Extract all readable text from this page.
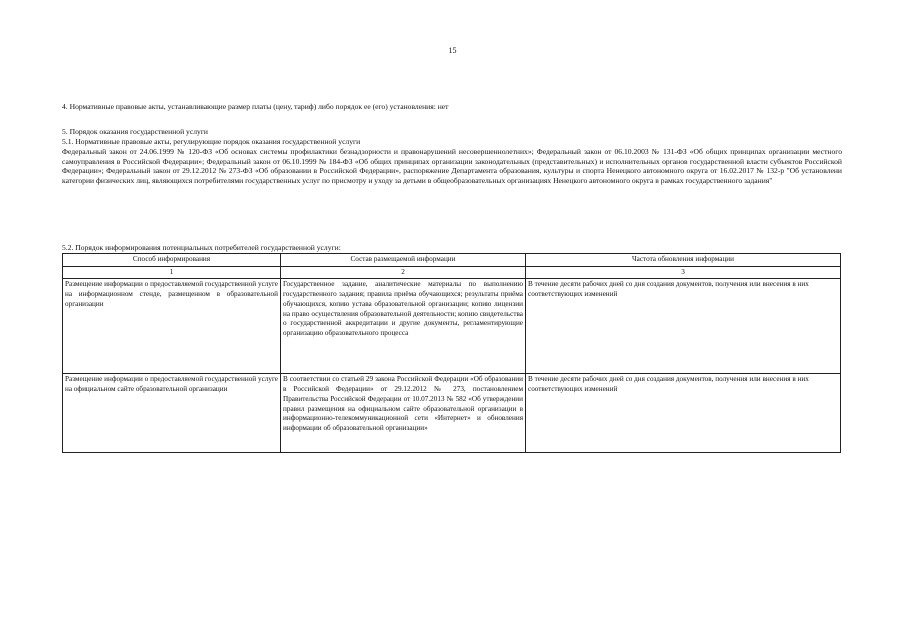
15
4. Нормативные правовые акты, устанавливающие размер платы (цену, тариф) либо порядок ее (его) установления: нет

5. Порядок оказания государственной услуги

5.1. Нормативные правовые акты, регулирующие порядок оказания государственной услуги

Федеральный закон от 24.06.1999 № 120-ФЗ «Об основах системы профилактики безнадзорности и правонарушений несовершеннолетних»; Федеральный закон от 06.10.2003 № 131-ФЗ «Об общих принципах организации местного самоуправления в Российской Федерации»; Федеральный закон от 06.10.1999 № 184-ФЗ «Об общих принципах организации законодательных (представительных) и исполнительных органов государственной власти субъектов Российской Федерации»; Федеральный закон от 29.12.2012 № 273-ФЗ «Об образовании в Российской Федерации», распоряжение Департамента образования, культуры и спорта Ненецкого автономного округа от 16.02.2017 № 132-р "Об установлени категории физических лиц, являющихся потребителями государственных услуг по присмотру и уходу за детьми в общеобразовательных организациях Ненецкого автономного округа в рамках государственного задания"

5.2. Порядок информирования потенциальных потребителей государственной услуги:
Способ информирования	Состав размещаемой информации	Частота обновления информации
1	2	3
Размещение информации о предоставляемой государственной услуге на информационном стенде, размещенном в образовательной организации	Государственное задание, аналитические материалы по выполнению государственного задания; правила приёма обучающихся; результаты приёма обучающихся, копию устава образовательной организации; копию лицензии на право осуществления образовательной деятельности; копию свидетельства о государственной аккредитации и другие документы, регламентирующие организацию образовательного процесса	В течение десяти рабочих дней со дня создания документов, получения или внесения в них соответствующих изменений
Размещение информации о предоставляемой государственной услуге на официальном сайте образовательной организации	В соответствии со статьей 29 закона Российской Федерации «Об образовании в Российской Федерации» от 29.12.2012 № 273, постановлением Правительства Российской Федерации от 10.07.2013 № 582 «Об утверждении правил размещения на официальном сайте образовательной организации в информационно-телекоммуникационной сети «Интернет» и обновления информации об образовательной организации»	В течение десяти рабочих дней со дня создания документов, получения или внесения в них соответствующих изменений
